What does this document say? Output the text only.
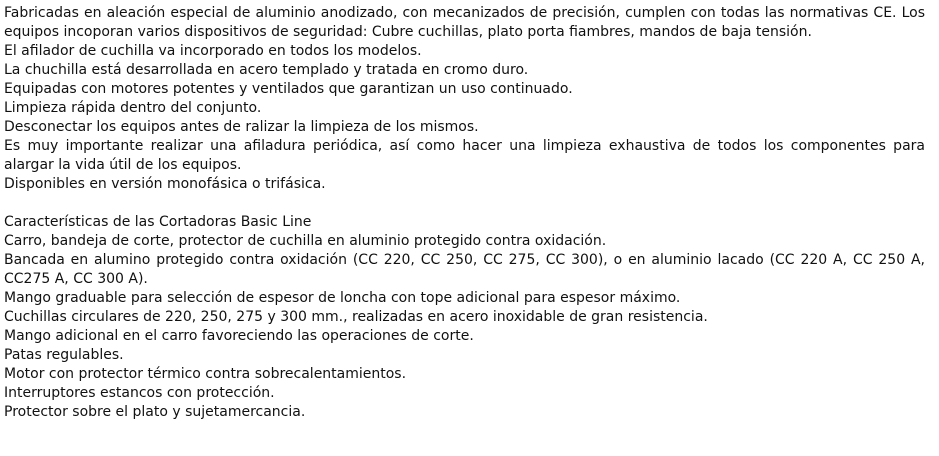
Fabricadas en aleación especial de aluminio anodizado, con mecanizados de precisión, cumplen con todas las normativas CE. Los equipos incoporan varios dispositivos de seguridad: Cubre cuchillas, plato porta fiambres, mandos de baja tensión.

El afilador de cuchilla va incorporado en todos los modelos.

La chuchilla está desarrollada en acero templado y tratada en cromo duro.

Equipadas con motores potentes y ventilados que garantizan un uso continuado.

Limpieza rápida dentro del conjunto.

Desconectar los equipos antes de ralizar la limpieza de los mismos.

Es muy importante realizar una afiladura periódica, así como hacer una limpieza exhaustiva de todos los componentes para alargar la vida útil de los equipos.

Disponibles en versión monofásica o trifásica.

Características de las Cortadoras Basic Line

Carro, bandeja de corte, protector de cuchilla en aluminio protegido contra oxidación.

Bancada en alumino protegido contra oxidación (CC 220, CC 250, CC 275, CC 300), o en aluminio lacado (CC 220 A, CC 250 A, CC275 A, CC 300 A).

Mango graduable para selección de espesor de loncha con tope adicional para espesor máximo.

Cuchillas circulares de 220, 250, 275 y 300 mm., realizadas en acero inoxidable de gran resistencia.

Mango adicional en el carro favoreciendo las operaciones de corte.

Patas regulables.

Motor con protector térmico contra sobrecalentamientos.

Interruptores estancos con protección.

Protector sobre el plato y sujetamercancia.
